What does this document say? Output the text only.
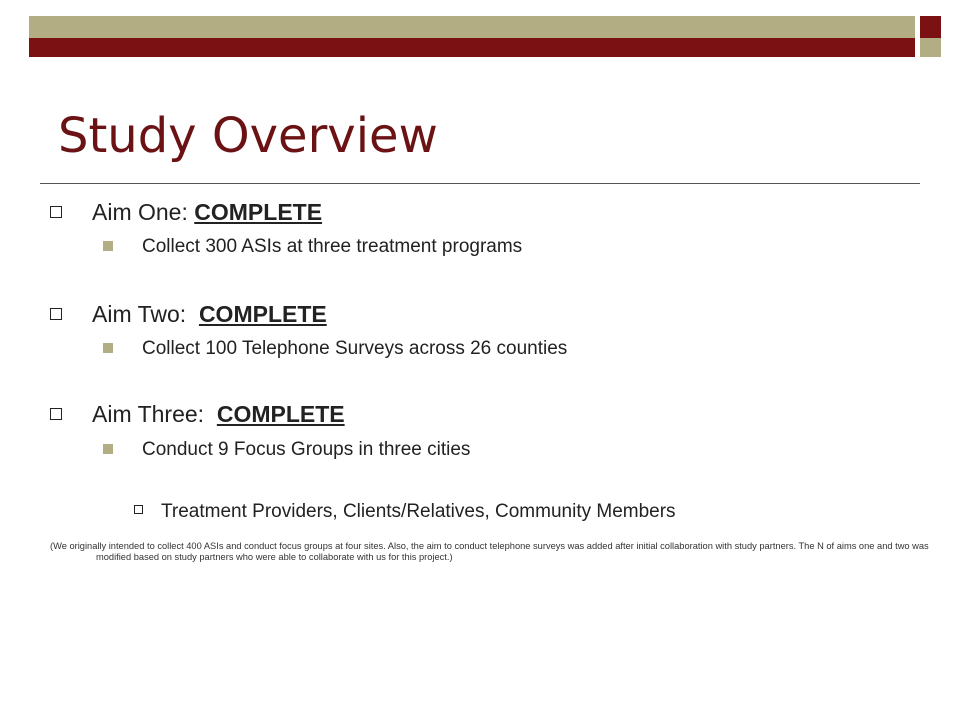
Study Overview
Aim One: COMPLETE
Collect 300 ASIs at three treatment programs
Aim Two:  COMPLETE
Collect 100 Telephone Surveys across 26 counties
Aim Three:  COMPLETE
Conduct 9 Focus Groups in three cities
Treatment Providers, Clients/Relatives, Community Members
(We originally intended to collect 400 ASIs and conduct focus groups at four sites. Also, the aim to conduct telephone surveys was added after initial collaboration with study partners. The N of aims one and two was modified based on study partners who were able to collaborate with us for this project.)
